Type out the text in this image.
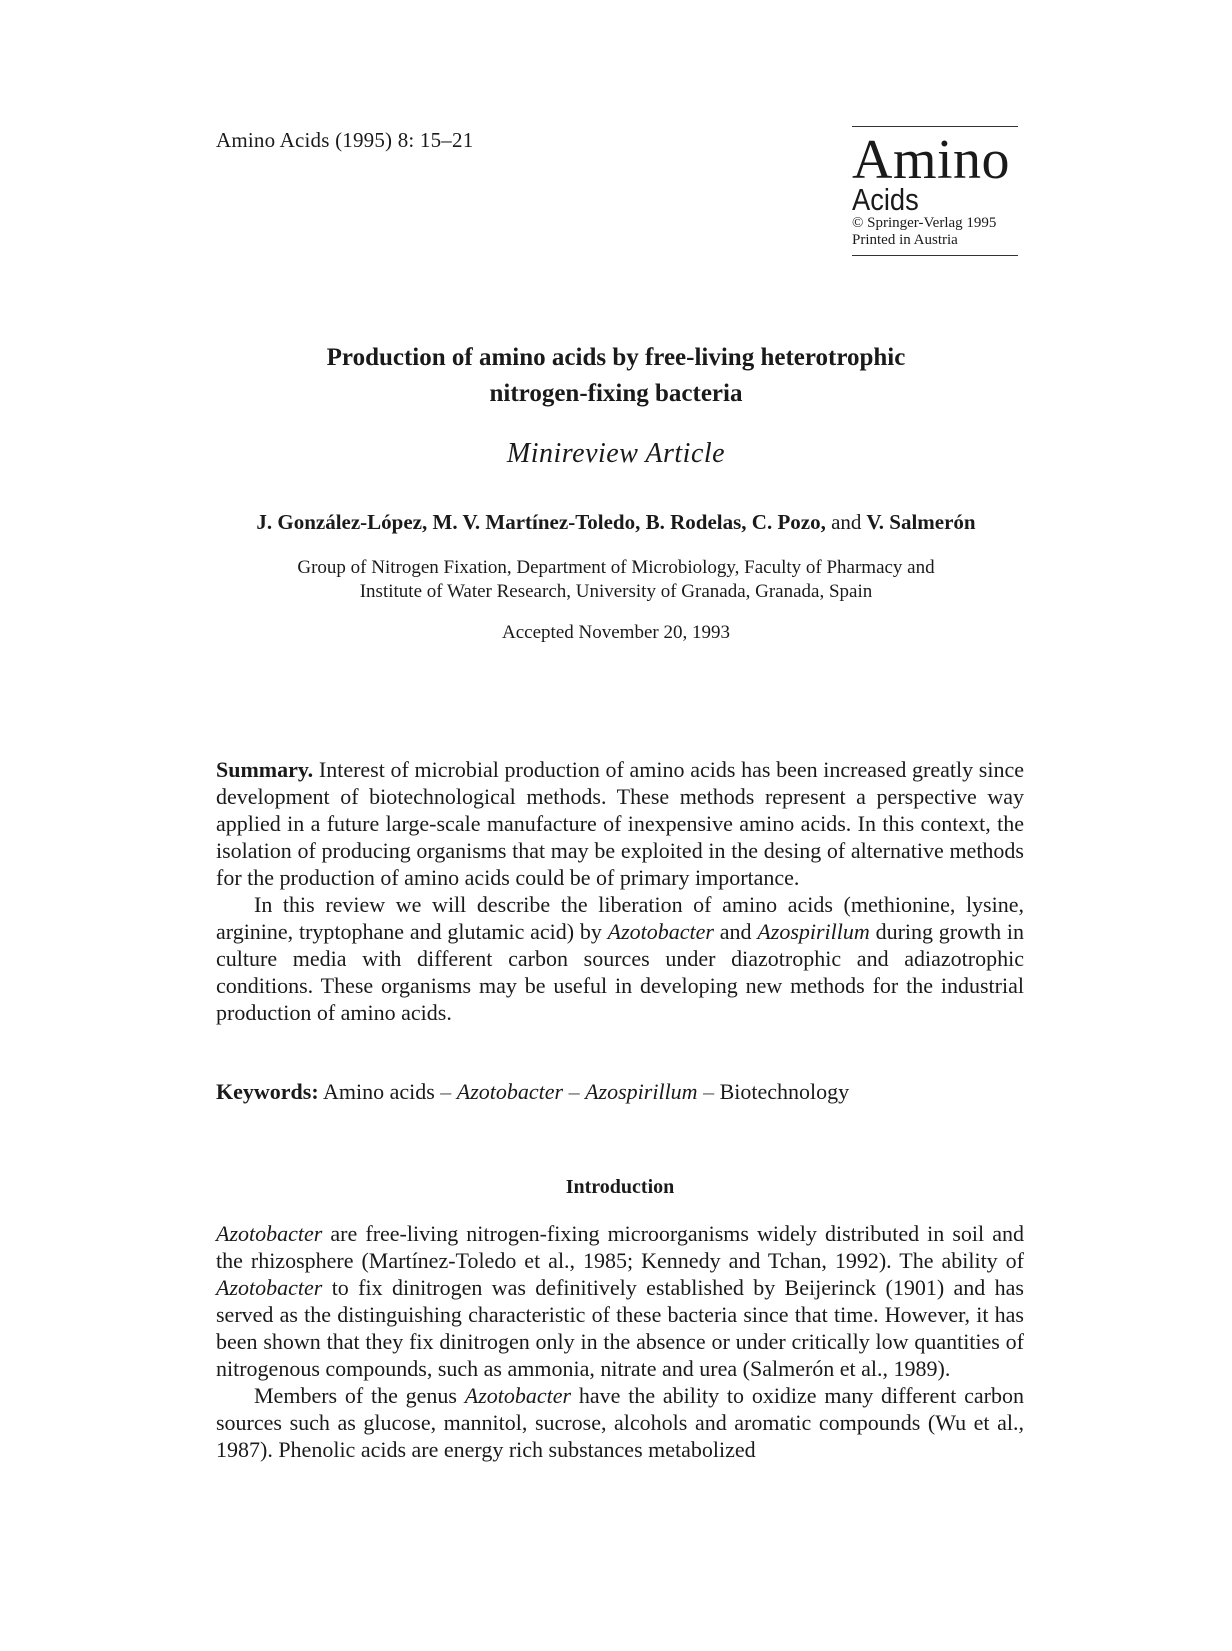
Amino Acids (1995) 8: 15–21	Amino
Acids
© Springer-Verlag 1995
Printed in Austria
Production of amino acids by free-living heterotrophic
nitrogen-fixing bacteria
Minireview Article
J. González-López, M. V. Martínez-Toledo, B. Rodelas, C. Pozo, and V. Salmerón
Group of Nitrogen Fixation, Department of Microbiology, Faculty of Pharmacy and
Institute of Water Research, University of Granada, Granada, Spain
Accepted November 20, 1993

Summary. Interest of microbial production of amino acids has been increased greatly since development of biotechnological methods. These methods represent a perspective way applied in a future large-scale manufacture of inexpensive amino acids. In this context, the isolation of producing organisms that may be exploited in the desing of alternative methods for the production of amino acids could be of primary importance.

In this review we will describe the liberation of amino acids (methionine, lysine, arginine, tryptophane and glutamic acid) by Azotobacter and Azospirillum during growth in culture media with different carbon sources under diazotrophic and adiazotrophic conditions. These organisms may be useful in developing new methods for the industrial production of amino acids.

Keywords: Amino acids – Azotobacter – Azospirillum – Biotechnology
Introduction

Azotobacter are free-living nitrogen-fixing microorganisms widely distributed in soil and the rhizosphere (Martínez-Toledo et al., 1985; Kennedy and Tchan, 1992). The ability of Azotobacter to fix dinitrogen was definitively established by Beijerinck (1901) and has served as the distinguishing characteristic of these bacteria since that time. However, it has been shown that they fix dinitrogen only in the absence or under critically low quantities of nitrogenous compounds, such as ammonia, nitrate and urea (Salmerón et al., 1989).

Members of the genus Azotobacter have the ability to oxidize many different carbon sources such as glucose, mannitol, sucrose, alcohols and aromatic compounds (Wu et al., 1987). Phenolic acids are energy rich substances metabolized
